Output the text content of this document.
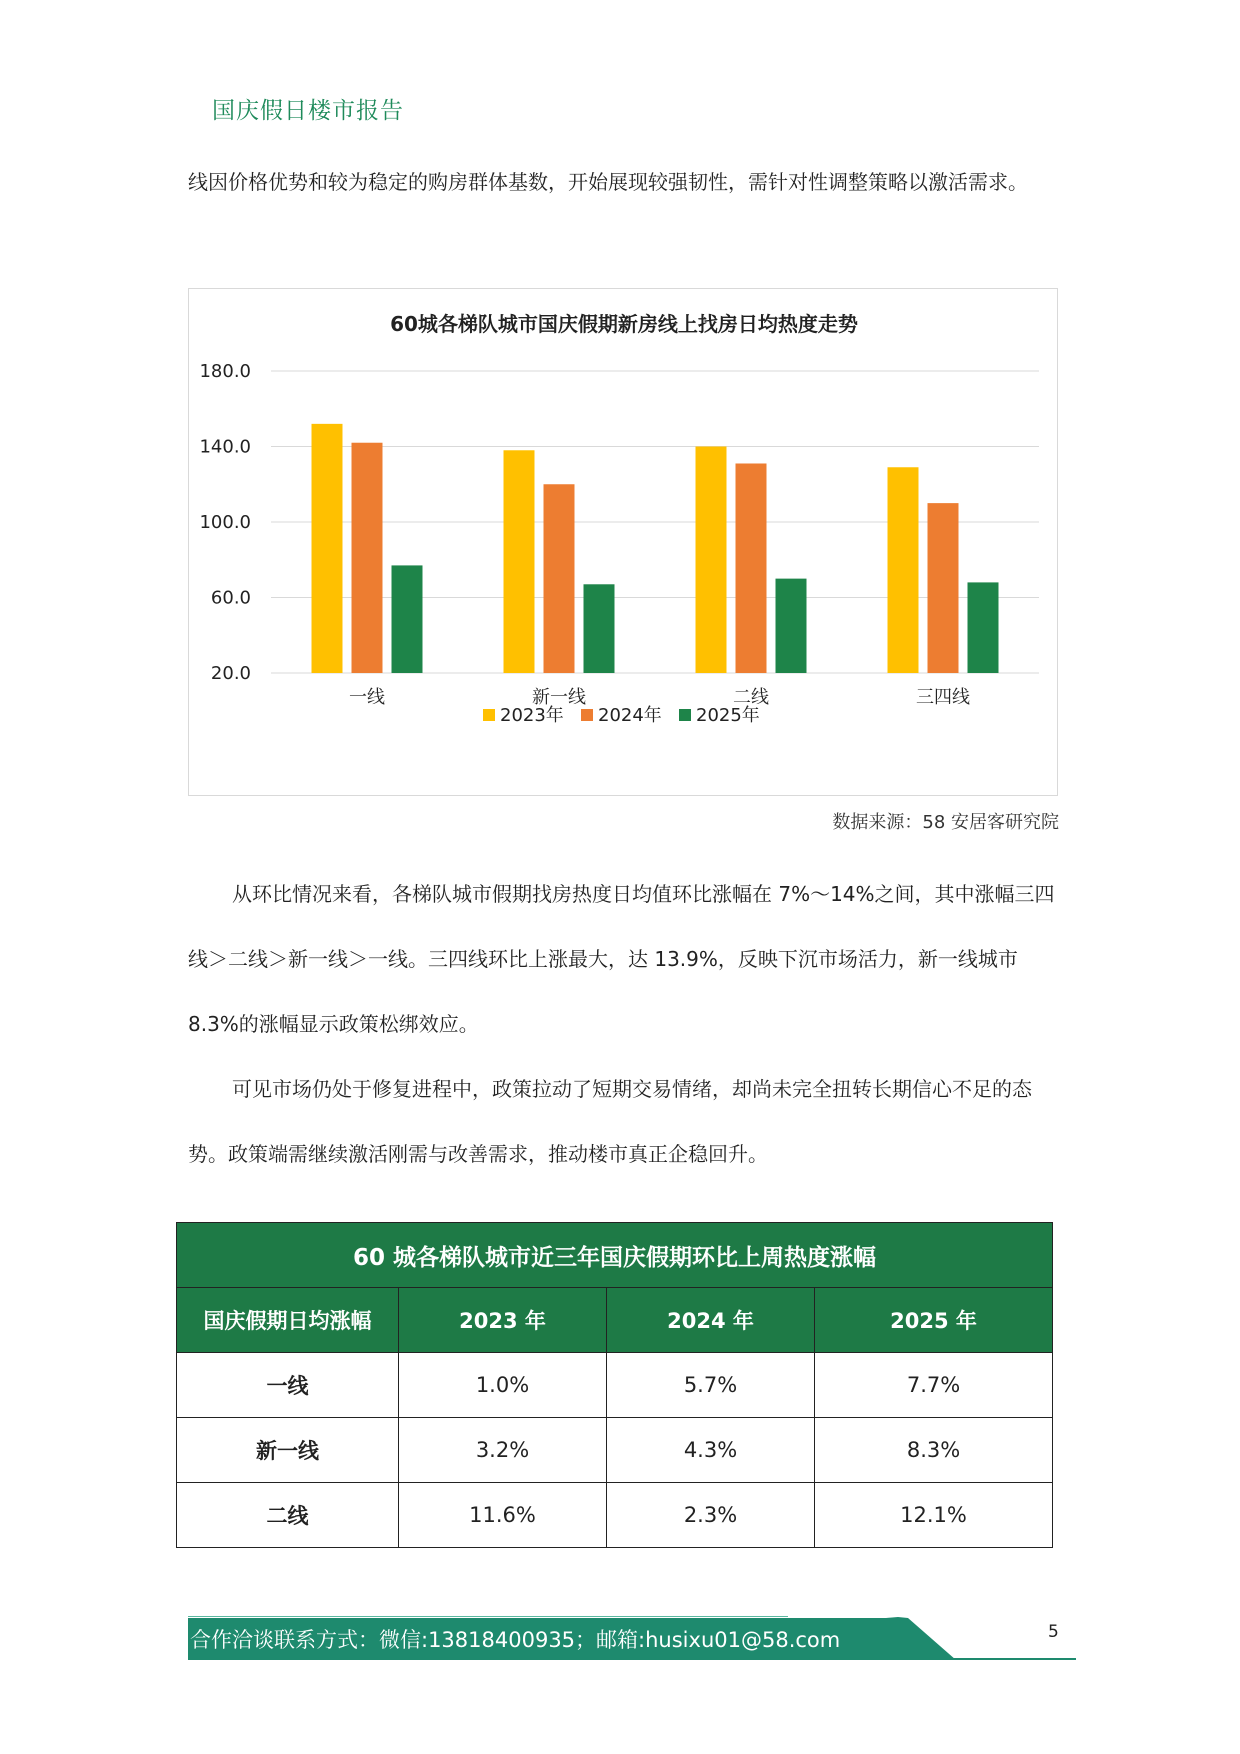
国庆假日楼市报告
线因价格优势和较为稳定的购房群体基数，开始展现较强韧性，需针对性调整策略以激活需求。
60城各梯队城市国庆假期新房线上找房日均热度走势
180.0
140.0
100.0
60.0
20.0
一线	新一线	二线	三四线
2023年 2024年 2025年
数据来源：58 安居客研究院
从环比情况来看，各梯队城市假期找房热度日均值环比涨幅在 7%～14%之间，其中涨幅三四线＞二线＞新一线＞一线。三四线环比上涨最大，达 13.9%，反映下沉市场活力，新一线城市 8.3%的涨幅显示政策松绑效应。
可见市场仍处于修复进程中，政策拉动了短期交易情绪，却尚未完全扭转长期信心不足的态势。政策端需继续激活刚需与改善需求，推动楼市真正企稳回升。
60 城各梯队城市近三年国庆假期环比上周热度涨幅			
国庆假期日均涨幅	2023 年	2024 年	2025 年
一线	1.0%	5.7%	7.7%
新一线	3.2%	4.3%	8.3%
二线	11.6%	2.3%	12.1%
合作洽谈联系方式：微信:13818400935；邮箱:husixu01@58.com	5
